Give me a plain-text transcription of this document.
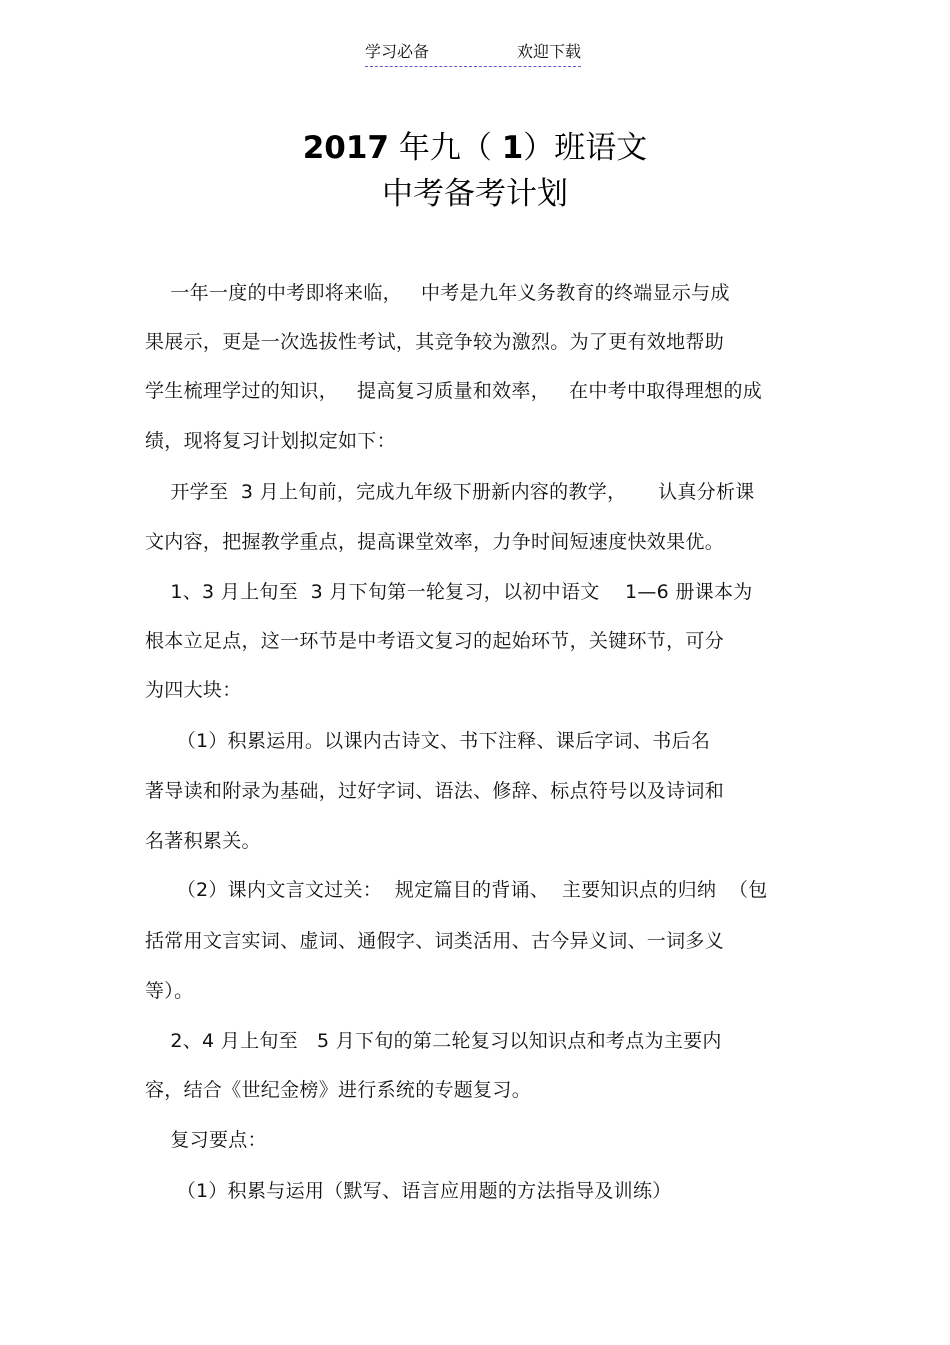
学习必备	欢迎下载
2017 年九（ 1）班语文
中考备考计划
一年一度的中考即将来临，   中考是九年义务教育的终端显示与成
果展示，更是一次选拔性考试，其竞争较为激烈。为了更有效地帮助
学生梳理学过的知识，   提高复习质量和效率，   在中考中取得理想的成
绩，现将复习计划拟定如下：
开学至  3 月上旬前，完成九年级下册新内容的教学，     认真分析课
文内容，把握教学重点，提高课堂效率，力争时间短速度快效果优。
1、3 月上旬至  3 月下旬第一轮复习，以初中语文    1—6 册课本为
根本立足点，这一环节是中考语文复习的起始环节，关键环节，可分
为四大块：
（1）积累运用。以课内古诗文、书下注释、课后字词、书后名
著导读和附录为基础，过好字词、语法、修辞、标点符号以及诗词和
名著积累关。
（2）课内文言文过关：  规定篇目的背诵、  主要知识点的归纳  （包
括常用文言实词、虚词、通假字、词类活用、古今异义词、一词多义
等）。
2、4 月上旬至   5 月下旬的第二轮复习以知识点和考点为主要内
容，结合《世纪金榜》进行系统的专题复习。
复习要点：
（1）积累与运用（默写、语言应用题的方法指导及训练）
